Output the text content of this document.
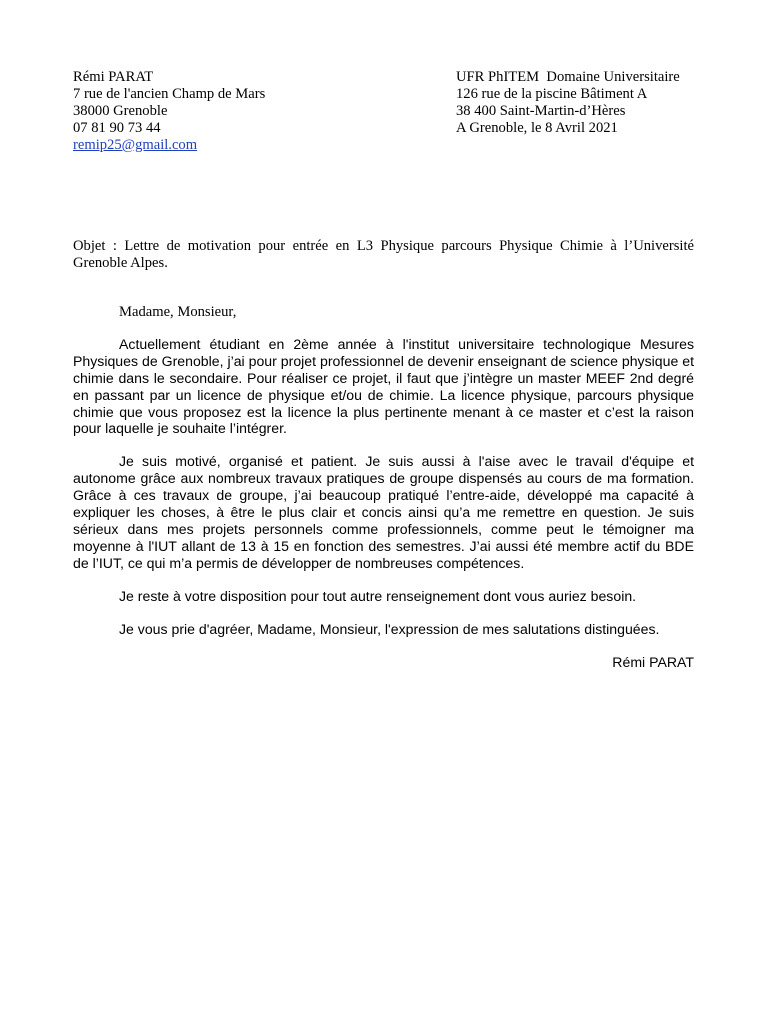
Rémi PARAT
7 rue de l'ancien Champ de Mars
38000 Grenoble
07 81 90 73 44
remip25@gmail.com
UFR PhITEM  Domaine Universitaire
126 rue de la piscine Bâtiment A
38 400 Saint-Martin-d’Hères
A Grenoble, le 8 Avril 2021
Objet : Lettre de motivation pour entrée en L3 Physique parcours Physique Chimie à l’Université Grenoble Alpes.

Madame, Monsieur,

Actuellement étudiant en 2ème année à l'institut universitaire technologique Mesures Physiques de Grenoble, j’ai pour projet professionnel de devenir enseignant de science physique et chimie dans le secondaire. Pour réaliser ce projet, il faut que j’intègre un master MEEF 2nd degré en passant par un licence de physique et/ou de chimie. La licence physique, parcours physique chimie que vous proposez est la licence la plus pertinente menant à ce master et c’est la raison pour laquelle je souhaite l’intégrer.

Je suis motivé, organisé et patient. Je suis aussi à l'aise avec le travail d'équipe et autonome grâce aux nombreux travaux pratiques de groupe dispensés au cours de ma formation. Grâce à ces travaux de groupe, j’ai beaucoup pratiqué l’entre-aide, développé ma capacité à expliquer les choses, à être le plus clair et concis ainsi qu’a me remettre en question. Je suis sérieux dans mes projets personnels comme professionnels, comme peut le témoigner ma moyenne à l'IUT allant de 13 à 15 en fonction des semestres. J’ai aussi été membre actif du BDE de l’IUT, ce qui m’a permis de développer de nombreuses compétences.

Je reste à votre disposition pour tout autre renseignement dont vous auriez besoin.

Je vous prie d'agréer, Madame, Monsieur, l'expression de mes salutations distinguées.

Rémi PARAT
